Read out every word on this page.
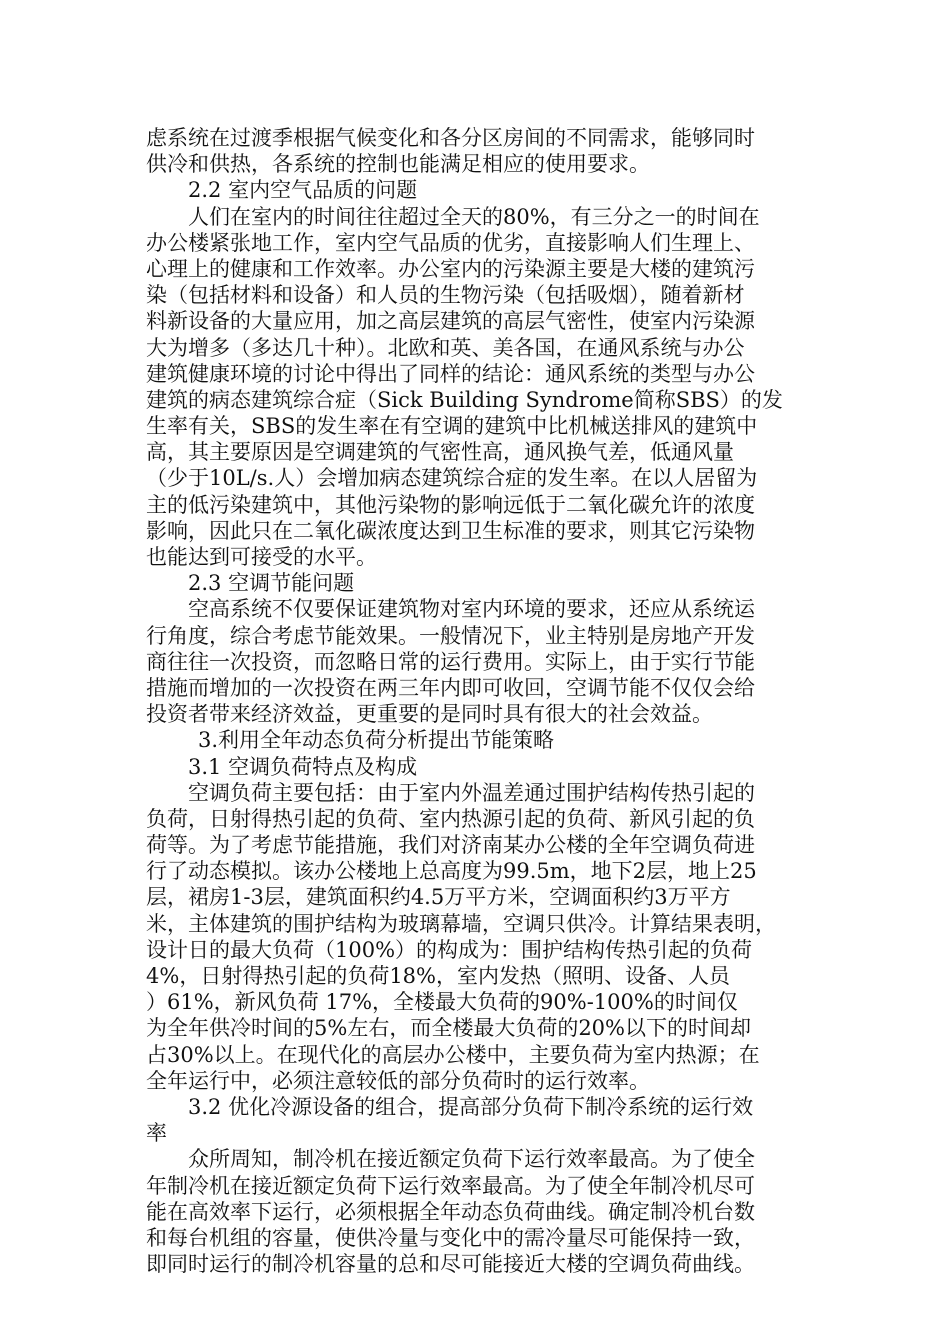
虑系统在过渡季根据气候变化和各分区房间的不同需求，能够同时
供冷和供热，各系统的控制也能满足相应的使用要求。
2.2 室内空气品质的问题
人们在室内的时间往往超过全天的80%，有三分之一的时间在
办公楼紧张地工作，室内空气品质的优劣，直接影响人们生理上、
心理上的健康和工作效率。办公室内的污染源主要是大楼的建筑污
染（包括材料和设备）和人员的生物污染（包括吸烟），随着新材
料新设备的大量应用，加之高层建筑的高层气密性，使室内污染源
大为增多（多达几十种）。北欧和英、美各国，在通风系统与办公
建筑健康环境的讨论中得出了同样的结论：通风系统的类型与办公
建筑的病态建筑综合症（Sick Building Syndrome简称SBS）的发
生率有关，SBS的发生率在有空调的建筑中比机械送排风的建筑中
高，其主要原因是空调建筑的气密性高，通风换气差，低通风量
（少于10L/s.人）会增加病态建筑综合症的发生率。在以人居留为
主的低污染建筑中，其他污染物的影响远低于二氧化碳允许的浓度
影响，因此只在二氧化碳浓度达到卫生标准的要求，则其它污染物
也能达到可接受的水平。
2.3 空调节能问题
空高系统不仅要保证建筑物对室内环境的要求，还应从系统运
行角度，综合考虑节能效果。一般情况下，业主特别是房地产开发
商往往一次投资，而忽略日常的运行费用。实际上，由于实行节能
措施而增加的一次投资在两三年内即可收回，空调节能不仅仅会给
投资者带来经济效益，更重要的是同时具有很大的社会效益。
3.利用全年动态负荷分析提出节能策略
3.1 空调负荷特点及构成
空调负荷主要包括：由于室内外温差通过围护结构传热引起的
负荷，日射得热引起的负荷、室内热源引起的负荷、新风引起的负
荷等。为了考虑节能措施，我们对济南某办公楼的全年空调负荷进
行了动态模拟。该办公楼地上总高度为99.5m，地下2层，地上25
层，裙房1-3层，建筑面积约4.5万平方米，空调面积约3万平方
米，主体建筑的围护结构为玻璃幕墙，空调只供冷。计算结果表明，
设计日的最大负荷（100%）的构成为：围护结构传热引起的负荷
4%，日射得热引起的负荷18%，室内发热（照明、设备、人员
）61%，新风负荷 17%，全楼最大负荷的90%-100%的时间仅
为全年供冷时间的5%左右，而全楼最大负荷的20%以下的时间却
占30%以上。在现代化的高层办公楼中，主要负荷为室内热源；在
全年运行中，必须注意较低的部分负荷时的运行效率。
3.2 优化冷源设备的组合，提高部分负荷下制冷系统的运行效
率
众所周知，制冷机在接近额定负荷下运行效率最高。为了使全
年制冷机在接近额定负荷下运行效率最高。为了使全年制冷机尽可
能在高效率下运行，必须根据全年动态负荷曲线。确定制冷机台数
和每台机组的容量，使供冷量与变化中的需冷量尽可能保持一致，
即同时运行的制冷机容量的总和尽可能接近大楼的空调负荷曲线。
